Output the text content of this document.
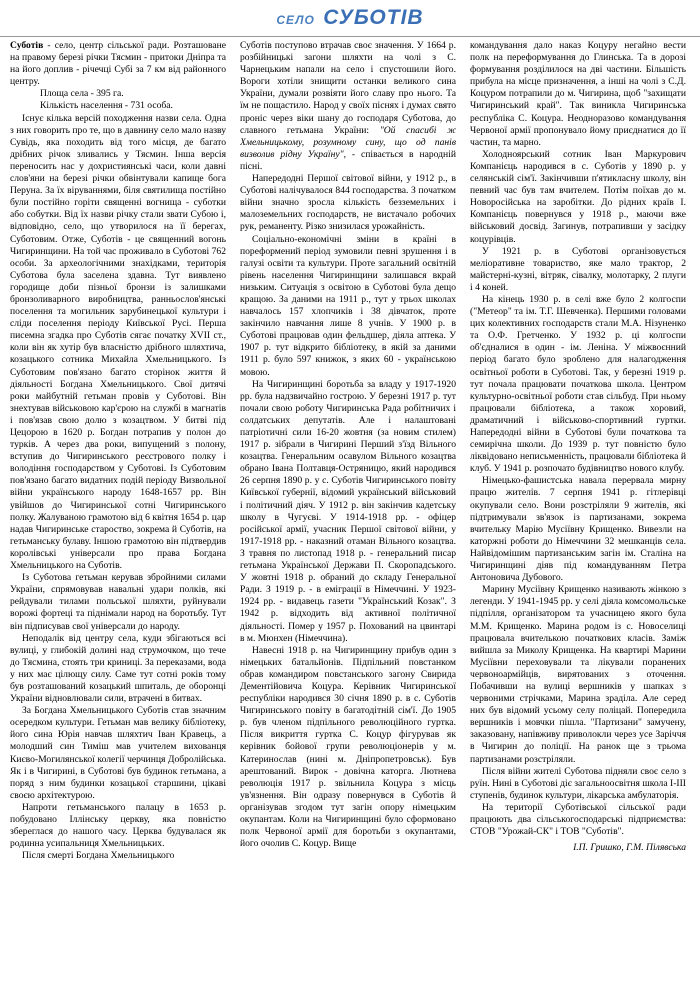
СЕЛО СУБОТІВ

Суботів - село, центр сільської ради. Розташоване на правому березі річки Тясмин - притоки Дніпра та на його доплив - річечці Субі за 7 км від районного центру.

Площа села - 395 га.

Кількість населення - 731 особа.

Існує кілька версій походження назви села. Одна з них говорить про те, що в давнину село мало назву Сувідь, яка походить від того місця, де багато дрібних річок зливались у Тясмин. Інша версія переносить нас у дохристиянські часи, коли давні слов'яни на березі річки обвінтували капище бога Перуна. За їх віруваннями, біля святилища постійно були постійно горіти священні вогнища - суботки або собутки. Від їх назви річку стали звати Субою і, відповідно, село, що утворилося на її берегах, Суботовим. Отже, Суботів - це священний вогонь Чигиринщини. На той час проживало в Суботові 762 особи. За археологічними знахідками, територія Суботова була заселена здавна. Тут виявлено городище доби пізньої бронзи із залишками бронзоливарного виробництва, ранньослов'янські поселення та могильник зарубинецької культури і сліди поселення періоду Київської Русі. Перша писемна згадка про Суботів сягає початку XVII ст., коли він як хутір був власністю дрібного шляхтича, козацького сотника Михайла Хмельницького. Із Суботовим пов'язано багато сторінок життя й діяльності Богдана Хмельницького. Свої дитячі роки майбутній гетьман провів у Суботові. Він знехтував військовою кар'єрою на службі в магнатів і пов'язав свою долю з козацтвом. У битві під Цецорою в 1620 р. Богдан потрапив у полон до турків. А через два роки, випущений з полону, вступив до Чигиринського реєстрового полку і володіння господарством у Суботові. Із Суботовим пов'язано багато видатних подій періоду Визвольної війни українського народу 1648-1657 рр. Він увійшов до Чигиринської сотні Чигиринського полку. Жалуваною грамотою від 6 квітня 1654 р. цар надав Чигиринське староство, зокрема й Суботів, на гетьманську булаву. Іншою грамотою він підтвердив королівські універсали про права Богдана Хмельницького на Суботів.

Із Суботова гетьман керував збройними силами України, спрямовував навальні удари полків, які рейдували тилами польської шляхти, руйнували ворожі фортеці та піднімали народ на боротьбу. Тут він підписував свої універсали до народу.

Неподалік від центру села, куди збігаються всі вулиці, у глибокій долині над струмочком, що тече до Тясмина, стоять три криниці. За переказами, вода у них має цілющу силу. Саме тут сотні років тому був розташований козацький шпиталь, де оборонці України відновлювали сили, втрачені в битвах.

За Богдана Хмельницького Суботів став значним осередком культури. Гетьман мав велику бібліотеку, його сина Юрія навчав шляхтич Іван Кравець, а молодший син Тиміш мав учителем вихованця Києво-Могилянської колегії черчинця Добролійська. Як і в Чигирині, в Суботові був будинок гетьмана, а поряд з ним будинки козацької старшини, цікаві своєю архітектурою.

Напроти гетьманського палацу в 1653 р. побудовано Іллінську церкву, яка повністю збереглася до нашого часу. Церква будувалася як родинна усипальниця Хмельницьких.

Після смерті Богдана Хмельницького

Суботів поступово втрачав своє значення. У 1664 р. розбійницькі загони шляхти на чолі з С. Чарнецьким напали на село і спустошили його. Вороги хотіли знищити останки великого сина України, думали розвіяти його славу про нього. Та їм не пощастило. Народ у своїх піснях і думах свято проніс через віки шану до господаря Суботова, до славного гетьмана України: "Ой спасибі ж Хмельницькому, розумному сину, що од панів визволив рідну Україну", - співається в народній пісні.

Напередодні Першої світової війни, у 1912 р., в Суботові налічувалося 844 господарства. З початком війни значно зросла кількість безземельних і малоземельних господарств, не вистачало робочих рук, реманенту. Різко знизилася урожайність.

Соціально-економічні зміни в країні в пореформений період зумовили певні зрушення і в галузі освіти та культури. Проте загальний освітній рівень населення Чигиринщини залишався вкрай низьким. Ситуація з освітою в Суботові була дещо кращою. За даними на 1911 р., тут у трьох школах навчалось 157 хлопчиків і 38 дівчаток, проте закінчило навчання лише 8 учнів. У 1900 р. в Суботові працював один фельдшер, діяла аптека. У 1907 р. тут відкрито бібліотеку, в якій за даними 1911 р. було 597 книжок, з яких 60 - українською мовою.

На Чигиринщині боротьба за владу у 1917-1920 рр. була надзвичайно гострою. У березні 1917 р. тут почали свою роботу Чигиринська Рада робітничих і солдатських депутатів. Але і налаштовані патріотичні сили 16-20 жовтня (за новим стилем) 1917 р. зібрали в Чигирині Перший з'їзд Вільного козацтва. Генеральним осавулом Вільного козацтва обрано Івана Полтавця-Остряницю, який народився 26 серпня 1890 р. у с. Суботів Чигиринського повіту Київської губернії, відомий український військовий і політичний діяч. У 1912 р. він закінчив кадетську школу в Чугуєві. У 1914-1918 рр. - офіцер російської армії, учасник Першої світової війни, у 1917-1918 рр. - наказний отаман Вільного козацтва. З травня по листопад 1918 р. - генеральний писар гетьмана Української Держави П. Скоропадського. У жовтні 1918 р. обраний до складу Генеральної Ради. З 1919 р. - в еміграції в Німеччині. У 1923-1924 рр. - видавець газети "Український Козак". З 1942 р. відходить від активної політичної діяльності. Помер у 1957 р. Похований на цвинтарі в м. Мюнхен (Німеччина).

Навесні 1918 р. на Чигиринщину прибув один з німецьких батальйонів. Підпільний повстанком обрав командиром повстанського загону Свирида Дементійовича Коцура. Керівник Чигиринської республіки народився 30 січня 1890 р. в с. Суботів Чигиринського повіту в багатодітній сім'ї. До 1905 р. був членом підпільного революційного гуртка. Після викриття гуртка С. Коцур фігурував як керівник бойової групи революціонерів у м. Катеринослав (нині м. Дніпропетровськ). Був арештований. Вирок - довічна каторга. Лютнева революція 1917 р. звільнила Коцура з місць ув'язнення. Він одразу повернувся в Суботів й організував згодом тут загін опору німецьким окупантам. Коли на Чигиринщині було сформовано полк Червоної армії для боротьби з окупантами, його очолив С. Коцур. Вище

командування дало наказ Коцуру негайно вести полк на переформування до Глинська. Та в дорозі формування розділилося на дві частини. Більшість прибула на місце призначення, а інші на чолі з С.Д. Коцуром потрапили до м. Чигирина, щоб "захищати Чигиринський край". Так виникла Чигиринська республіка С. Коцура. Неодноразово командування Червоної армії пропонувало йому приєднатися до її частин, та марно.

Холодноярський сотник Іван Маркурович Компанієць народився в с. Суботів у 1890 р. у селянській сім'ї. Закінчивши п'ятикласну школу, він певний час був там вчителем. Потім поїхав до м. Новоросійська на заробітки. До рідних країв І. Компанієць повернувся у 1918 р., маючи вже військовий досвід. Загинув, потрапивши у засідку коцурівців.

У 1921 р. в Суботові організовується меліоративне товариство, яке мало трактор, 2 майстерні-кузні, вітряк, сівалку, молотарку, 2 плуги і 4 коней.

На кінець 1930 р. в селі вже було 2 колгоспи ("Метеор" та ім. Т.Г. Шевченка). Першими головами цих колективних господарств стали М.А. Нізуненко та О.Ф. Гретченко. У 1932 р. ці колгоспи об'єдналися в один - ім. Леніна. У міжвоєнний період багато було зроблено для налагодження освітньої роботи в Суботові. Так, у березні 1919 р. тут почала працювати початкова школа. Центром культурно-освітньої роботи став сільбуд. При ньому працювали бібліотека, а також хоровий, драматичний і військово-спортивний гуртки. Напередодні війни в Суботові були початкова та семирічна школи. До 1939 р. тут повністю було ліквідовано неписьменність, працювали бібліотека й клуб. У 1941 р. розпочато будівництво нового клубу.

Німецько-фашистська навала перервала мирну працю жителів. 7 серпня 1941 р. гітлерівці окупували село. Вони розстріляли 9 жителів, які підтримували зв'язок із партизанами, зокрема вчительку Марію Мусіївну Крищенко. Вивезли на каторжні роботи до Німеччини 32 мешканців села. Найвідомішим партизанським загін ім. Сталіна на Чигиринщині діяв під командуванням Петра Антоновича Дубового.

Марину Мусіївну Крищенко називають жінкою з легенди. У 1941-1945 рр. у селі діяла комсомольське підпілля, організатором та учасницею якого була М.М. Крищенко. Марина родом із с. Новоселиці працювала вчителькою початкових класів. Заміж вийшла за Миколу Крищенка. На квартирі Марини Мусіївни переховували та лікували поранених червоноармійців, вирятованих з оточення. Побачивши на вулиці вершників у шапках з червоними стрічками, Марина зраділа. Але серед них був відомий усьому селу поліцай. Попередила вершників і мовчки пішла. "Партизани" замучену, заказовану, напівживу приволокли через усе Заріччя в Чигирин до поліції. На ранок ще з трьома партизанами розстріляли.

Після війни жителі Суботова підняли своє село з руїн. Нині в Суботові діє загальноосвітня школа І-ІІІ ступенів, будинок культури, лікарська амбулаторія.

На території Суботівської сільської ради працюють два сільськогосподарські підприємства: СТОВ "Урожай-СК" і ТОВ "Суботів".

І.П. Гришко, Г.М. Пілявська
